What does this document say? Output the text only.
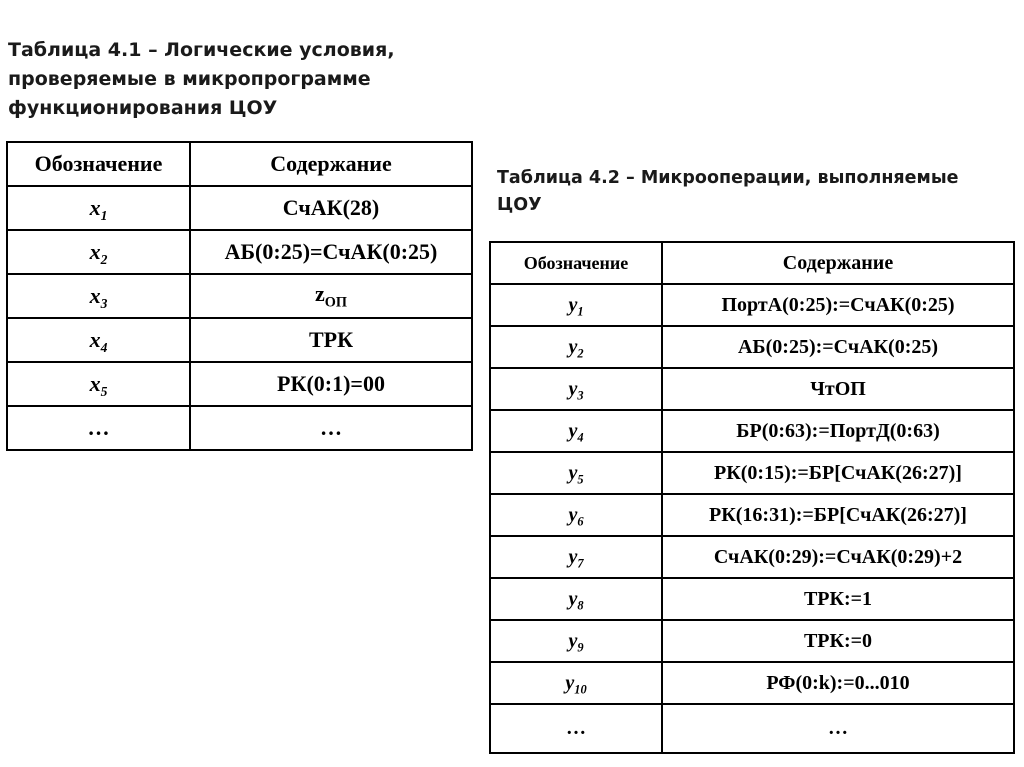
Таблица 4.1 – Логические условия,
проверяемые в микропрограмме
функционирования ЦОУ
Обозначение	Содержание
$x_1$	СчАК(28)
$x_2$	АБ(0:25)=СчАК(0:25)
$x_3$	$z_{ОП}$
$x_4$	ТРК
$x_5$	РК(0:1)=00
…	…
Таблица 4.2 – Микрооперации, выполняемые
ЦОУ
Обозначение	Содержание
$y_1$	ПортА(0:25):=СчАК(0:25)
$y_2$	АБ(0:25):=СчАК(0:25)
$y_3$	ЧтОП
$y_4$	БР(0:63):=ПортД(0:63)
$y_5$	РК(0:15):=БР[СчАК(26:27)]
$y_6$	РК(16:31):=БР[СчАК(26:27)]
$y_7$	СчАК(0:29):=СчАК(0:29)+2
$y_8$	ТРК:=1
$y_9$	ТРК:=0
$y_{10}$	РФ(0:k):=0...010
…	…
